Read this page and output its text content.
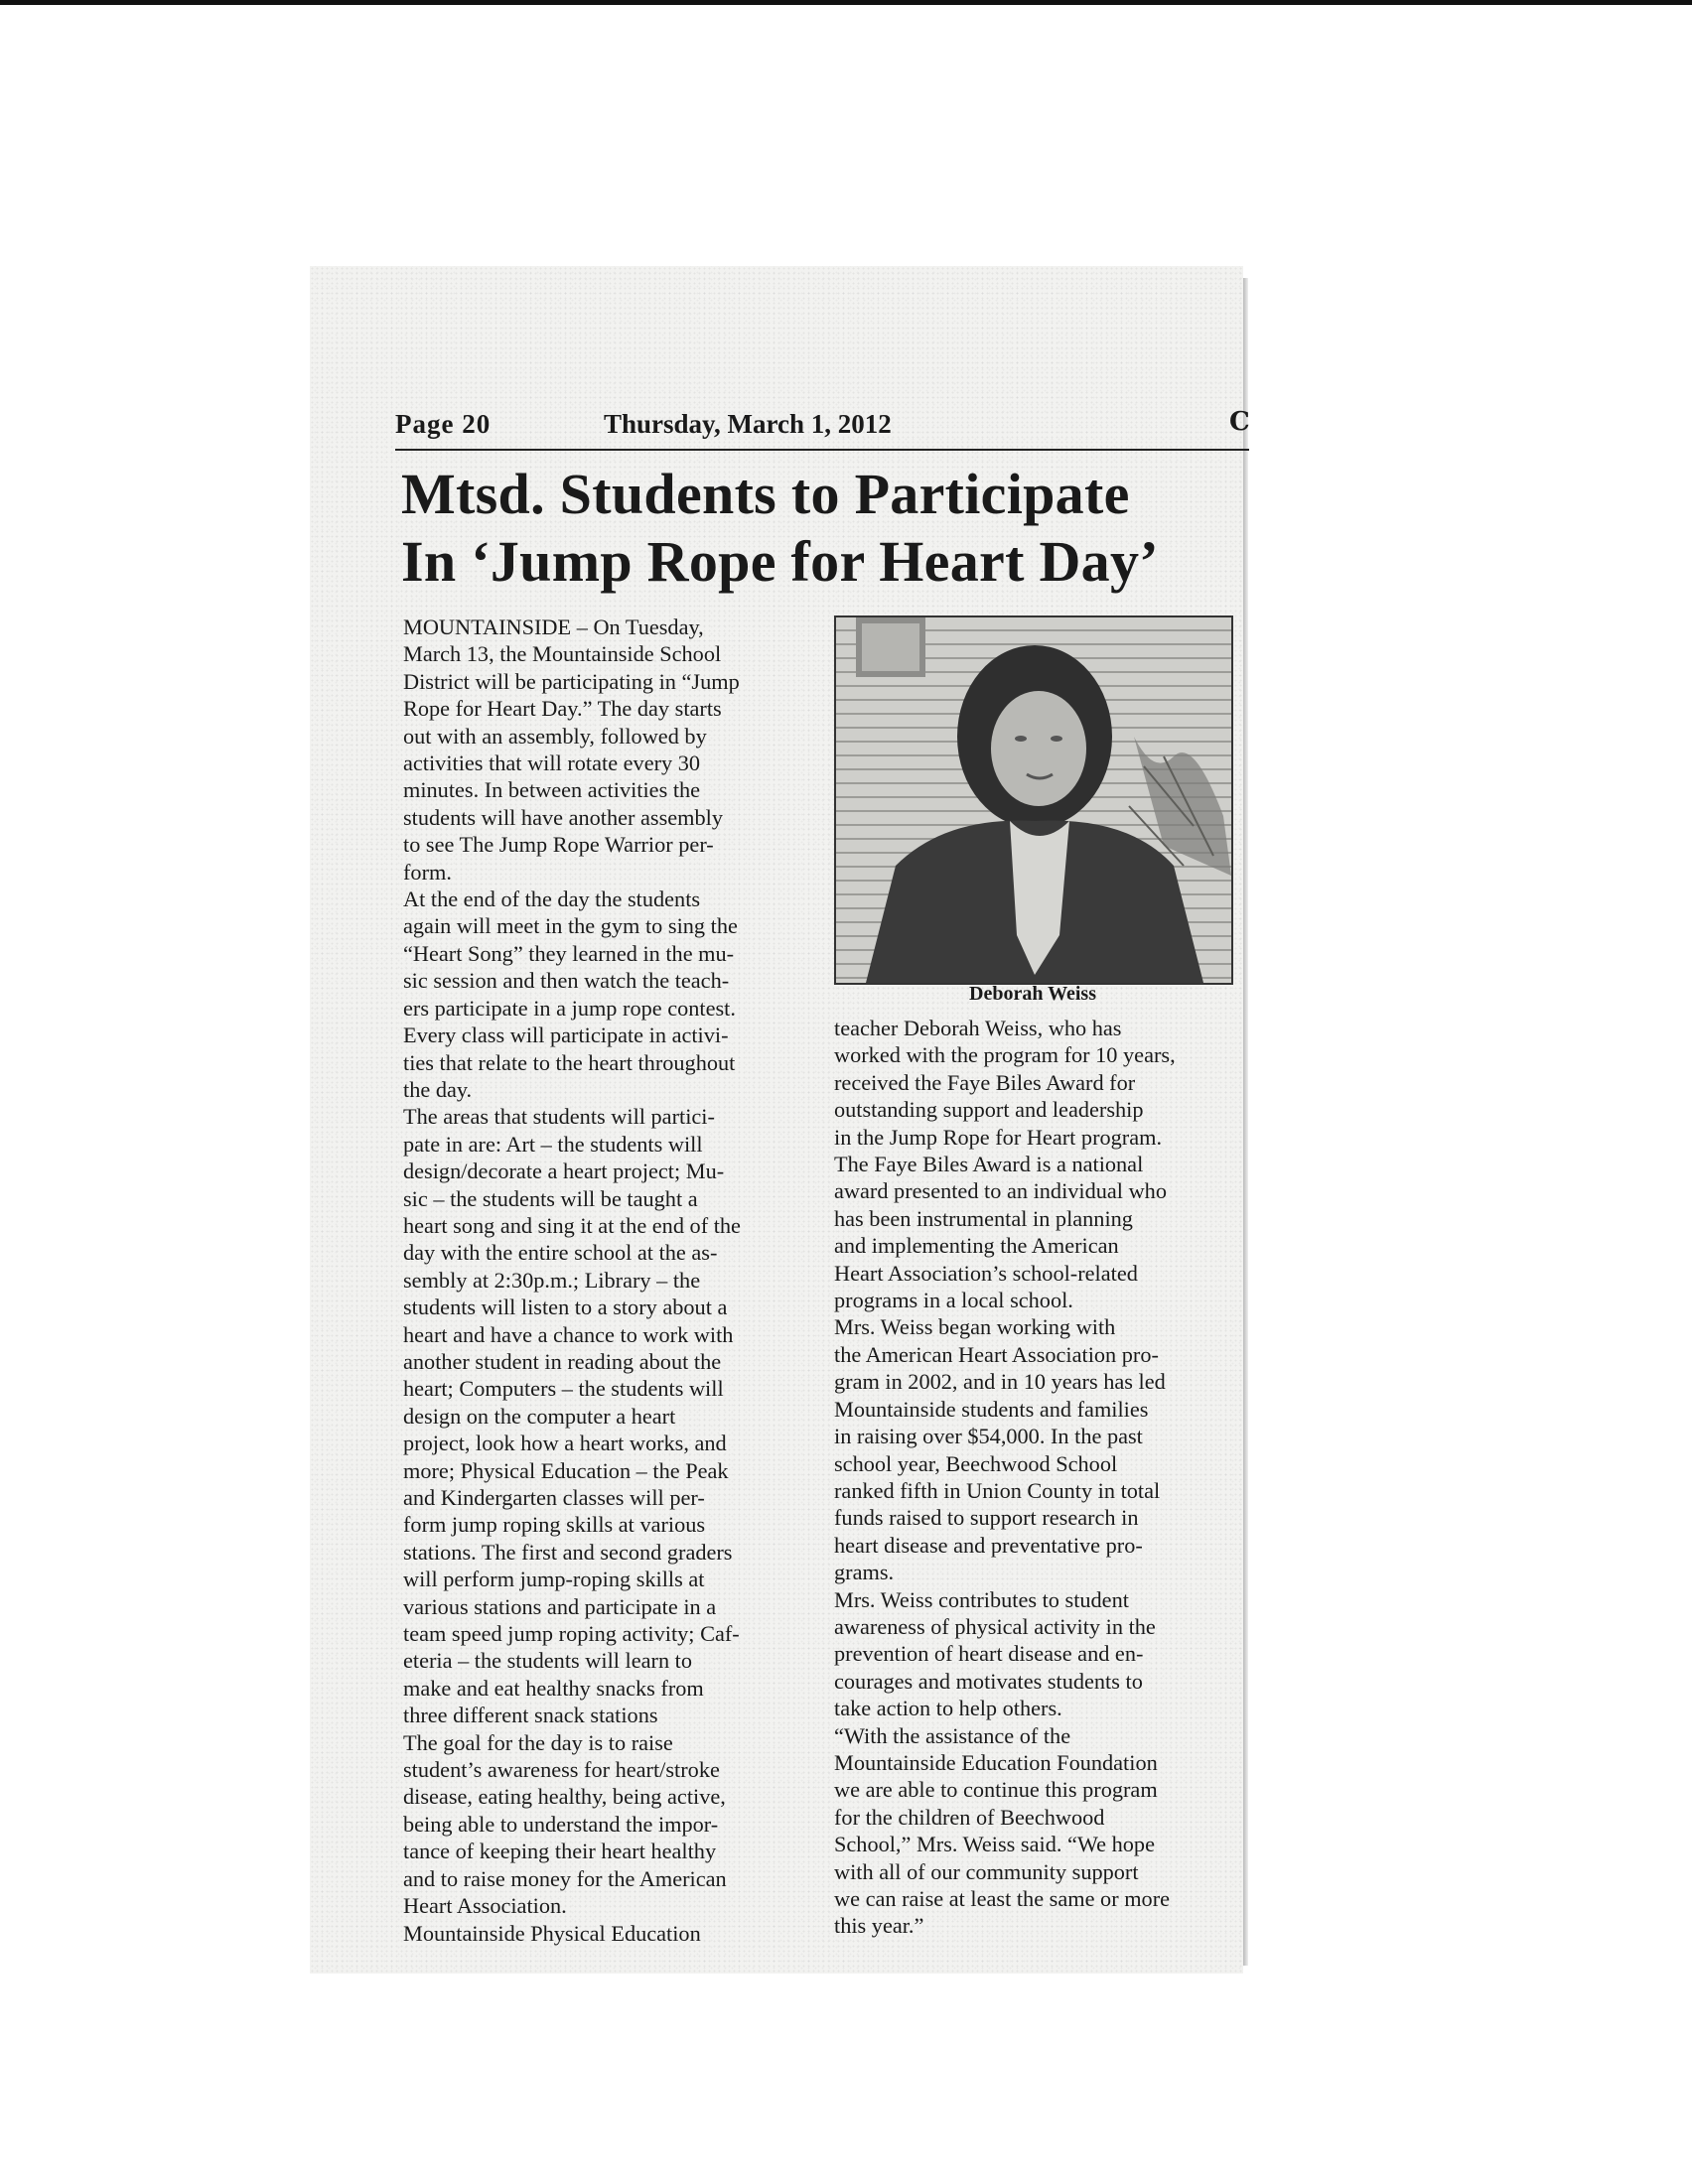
Page 20	Thursday, March 1, 2012	C
Mtsd. Students to Participate
In ‘Jump Rope for Heart Day’

MOUNTAINSIDE – On Tuesday,

March 13, the Mountainside School

District will be participating in “Jump

Rope for Heart Day.” The day starts

out with an assembly, followed by

activities that will rotate every 30

minutes. In between activities the

students will have another assembly

to see The Jump Rope Warrior per-

form.

At the end of the day the students

again will meet in the gym to sing the

“Heart Song” they learned in the mu-

sic session and then watch the teach-

ers participate in a jump rope contest.

Every class will participate in activi-

ties that relate to the heart throughout

the day.

The areas that students will partici-

pate in are: Art – the students will

design/decorate a heart project; Mu-

sic – the students will be taught a

heart song and sing it at the end of the

day with the entire school at the as-

sembly at 2:30p.m.; Library – the

students will listen to a story about a

heart and have a chance to work with

another student in reading about the

heart; Computers – the students will

design on the computer a heart

project, look how a heart works, and

more; Physical Education – the Peak

and Kindergarten classes will per-

form jump roping skills at various

stations. The first and second graders

will perform jump-roping skills at

various stations and participate in a

team speed jump roping activity; Caf-

eteria – the students will learn to

make and eat healthy snacks from

three different snack stations

The goal for the day is to raise

student’s awareness for heart/stroke

disease, eating healthy, being active,

being able to understand the impor-

tance of keeping their heart healthy

and to raise money for the American

Heart Association.

Mountainside Physical Education

Deborah Weiss

teacher Deborah Weiss, who has

worked with the program for 10 years,

received the Faye Biles Award for

outstanding support and leadership

in the Jump Rope for Heart program.

The Faye Biles Award is a national

award presented to an individual who

has been instrumental in planning

and implementing the American

Heart Association’s school-related

programs in a local school.

Mrs. Weiss began working with

the American Heart Association pro-

gram in 2002, and in 10 years has led

Mountainside students and families

in raising over $54,000. In the past

school year, Beechwood School

ranked fifth in Union County in total

funds raised to support research in

heart disease and preventative pro-

grams.

Mrs. Weiss contributes to student

awareness of physical activity in the

prevention of heart disease and en-

courages and motivates students to

take action to help others.

“With the assistance of the

Mountainside Education Foundation

we are able to continue this program

for the children of Beechwood

School,” Mrs. Weiss said. “We hope

with all of our community support

we can raise at least the same or more

this year.”
